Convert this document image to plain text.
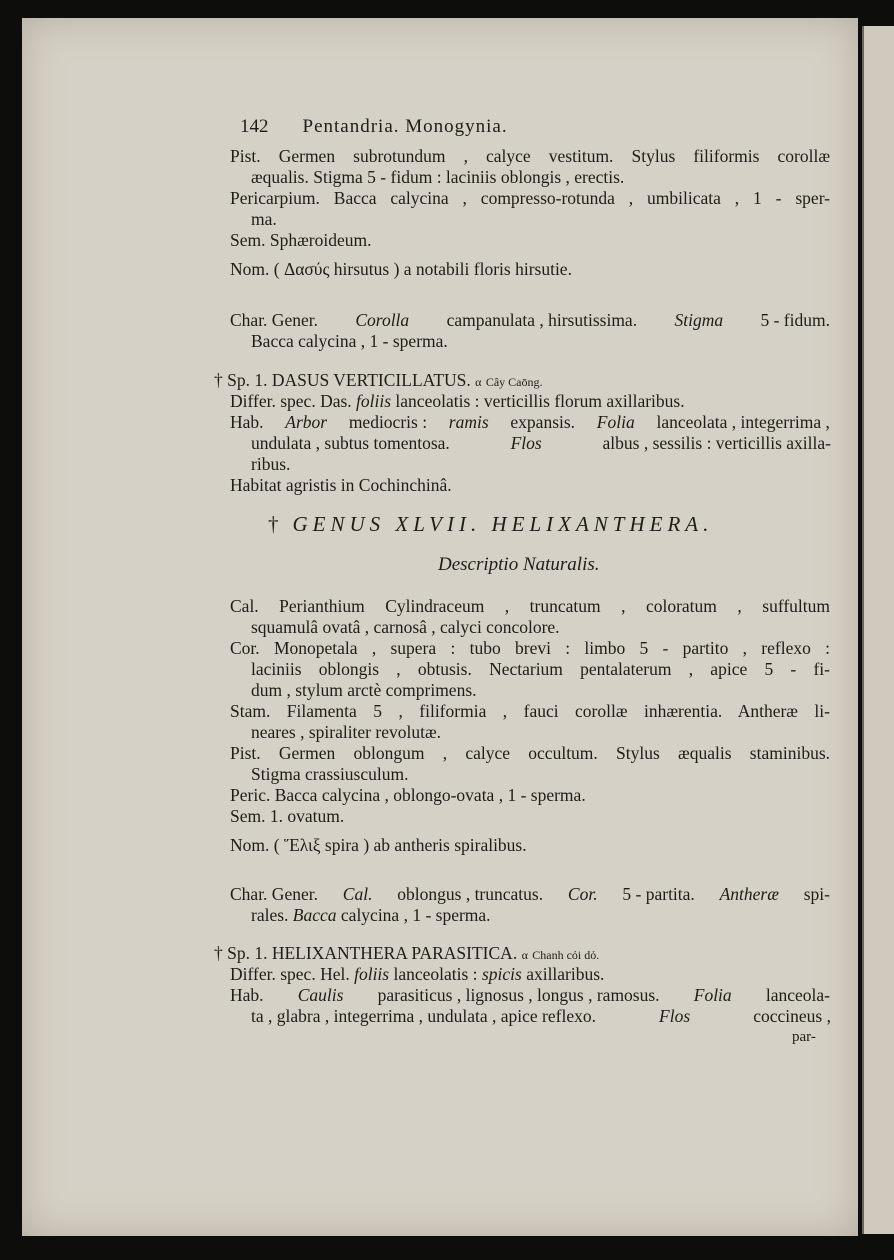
142 Pentandria. Monogynia.
Pist. Germen subrotundum , calyce vestitum. Stylus filiformis corollæ
æqualis. Stigma 5 - fidum : laciniis oblongis , erectis.
Pericarpium. Bacca calycina , compresso-rotunda , umbilicata , 1 - sper-
ma.
Sem. Sphæroideum.
Nom. ( Δασύς hirsutus ) a notabili floris hirsutie.
Char. Gener. Corolla campanulata , hirsutissima. Stigma 5 - fidum.
Bacca calycina , 1 - sperma.
† Sp. 1. DASUS VERTICILLATUS. α Cây Caōng.
Differ. spec. Das. foliis lanceolatis : verticillis florum axillaribus.
Hab. Arbor mediocris : ramis expansis. Folia lanceolata , integerrima ,
undulata , subtus tomentosa.	Flos	albus , sessilis : verticillis axilla-
ribus.
Habitat agristis in Cochinchinâ.
† GENUS XLVII. HELIXANTHERA.
Descriptio Naturalis.
Cal. Perianthium Cylindraceum , truncatum , coloratum , suffultum
squamulâ ovatâ , carnosâ , calyci concolore.
Cor. Monopetala , supera : tubo brevi : limbo 5 - partito , reflexo :
laciniis oblongis , obtusis. Nectarium pentalaterum , apice 5 - fi-
dum , stylum arctè comprimens.
Stam. Filamenta 5 , filiformia , fauci corollæ inhærentia. Antheræ li-
neares , spiraliter revolutæ.
Pist. Germen oblongum , calyce occultum. Stylus æqualis staminibus.
Stigma crassiusculum.
Peric. Bacca calycina , oblongo-ovata , 1 - sperma.
Sem. 1. ovatum.
Nom. ( Ἕλιξ spira ) ab antheris spiralibus.
Char. Gener. Cal. oblongus , truncatus. Cor. 5 - partita. Antheræ spi-
rales. Bacca calycina , 1 - sperma.
† Sp. 1. HELIXANTHERA PARASITICA. α Chanh cỏi dỏ.
Differ. spec. Hel. foliis lanceolatis : spicis axillaribus.
Hab. Caulis parasiticus , lignosus , longus , ramosus. Folia lanceola-
ta , glabra , integerrima , undulata , apice reflexo.	Flos	coccineus ,
par-
